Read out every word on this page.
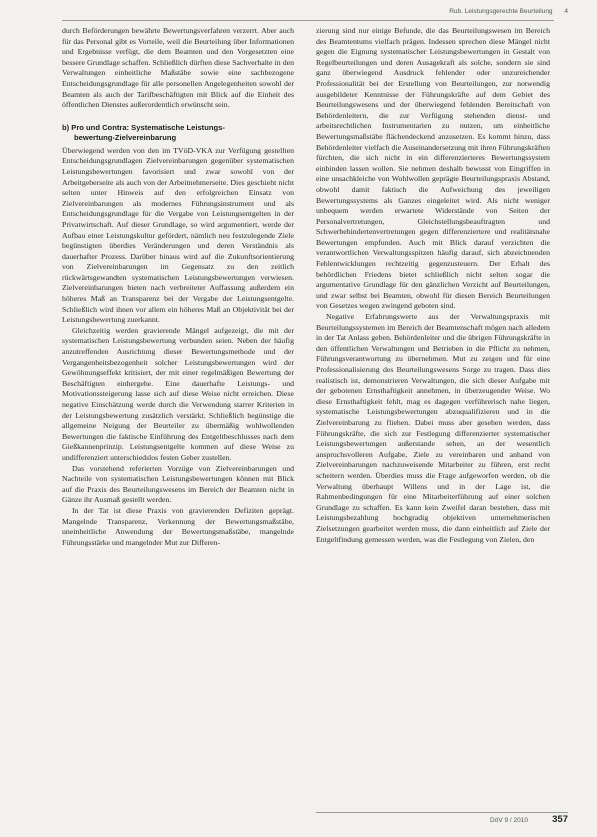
Rub. Leistungsgerechte Beurteilung 4

durch Beförderungen bewährte Bewertungsverfahren verzerrt. Aber auch für das Personal gibt es Vorteile, weil die Beurteilung über Informationen und Ergebnisse verfügt, die dem Beamten und den Vorgesetzten eine bessere Grundlage schaffen. Schließlich dürften diese Sachverhalte in den Verwaltungen einheitliche Maßstäbe sowie eine sachbezogene Entscheidungsgrundlage für alle personellen Angelegenheiten sowohl der Beamten als auch der Tarifbeschäftigten mit Blick auf die Einheit des öffentlichen Dienstes außerordentlich erwünscht sein.

b) Pro und Contra: Systematische Leistungs-
bewertung-Zielvereinbarung

Überwiegend werden von den im TVöD-VKA zur Verfügung gestellten Entscheidungsgrundlagen Zielvereinbarungen gegenüber systematischen Leistungsbewertungen favorisiert und zwar sowohl von der Arbeitgeberseite als auch von der Arbeitnehmerseite. Dies geschieht nicht selten unter Hinweis auf den erfolgreichen Einsatz von Zielvereinbarungen als modernes Führungsinstrument und als Entscheidungsgrundlage für die Vergabe von Leistungsentgelten in der Privatwirtschaft. Auf dieser Grundlage, so wird argumentiert, werde der Aufbau einer Leistungskultur gefördert, nämlich neu festzulegende Ziele begünstigten überdies Veränderungen und deren Verständnis als dauerhafter Prozess. Darüber hinaus wird auf die Zukunftsorientierung von Zielvereinbarungen im Gegensatz zu den zeitlich rückwärtsgewandten systematischen Leistungsbewertungen verwiesen. Zielvereinbarungen bieten nach verbreiteter Auffassung außerdem ein höheres Maß an Transparenz bei der Vergabe der Leistungsentgelte. Schließlich wird ihnen vor allem ein höheres Maß an Objektivität bei der Leistungsbewertung zuerkannt.

Gleichzeitig werden gravierende Mängel aufgezeigt, die mit der systematischen Leistungsbewertung verbunden seien. Neben der häufig anzutreffenden Ausrichtung dieser Bewertungsmethode und der Vergangenheitsbezogenheit solcher Leistungsbewertungen wird der Gewöhnungseffekt kritisiert, der mit einer regelmäßigen Bewertung der Beschäftigten einhergehe. Eine dauerhafte Leistungs- und Motivationssteigerung lasse sich auf diese Weise nicht erreichen. Diese negative Einschätzung werde durch die Verwendung starrer Kriterien in der Leistungsbewertung zusätzlich verstärkt. Schließlich begünstige die allgemeine Neigung der Beurteiler zu übermäßig wohlwollenden Bewertungen die faktische Einführung des Entgeltbeschlusses nach dem Gießkannenprinzip. Leistungsentgelte kommen auf diese Weise zu undifferenziert unterschiedslos festen Geber zustellen.

Das vorstehend referierten Vorzüge von Zielvereinbarungen und Nachteile von systematischen Leistungsbewertungen können mit Blick auf die Praxis des Beurteilungswesens im Bereich der Beamten nicht in Gänze ihr Ausmaß gestellt werden.

In der Tat ist diese Praxis von gravierenden Defiziten geprägt. Mangelnde Transparenz, Verkennung der Bewertungsmaßstäbe, uneinheitliche Anwendung der Bewertungsmaßstäbe, mangelnde Führungsstärke und mangelnder Mut zur Differen-

zierung sind nur einige Befunde, die das Beurteilungswesen im Bereich des Beamtentums vielfach prägen. Indessen sprechen diese Mängel nicht gegen die Eignung systematischer Leistungsbewertungen in Gestalt von Regelbeurteilungen und deren Ausagekraft als solche, sondern sie sind ganz überwiegend Ausdruck fehlender oder unzureichender Professionalität bei der Erstellung von Beurteilungen, zur notwendig ausgebildeter Kenntnisse der Führungskräfte auf dem Gebiet des Beurteilungswesens und der überwiegend fehlenden Bereitschaft von Behördenleitern, die zur Verfügung stehenden dienst- und arbeitsrechtlichen Instrumentarien zu nutzen, um einheitliche Bewertungsmaßstäbe flächendeckend anzusetzen. Es kommt hinzu, dass Behördenleiter vielfach die Auseinandersetzung mit ihren Führungskräften fürchten, die sich nicht in ein differenzierteres Bewertungssystem einbinden lassen wollen. Sie nehmen deshalb bewusst von Eingriffen in eine unsachkleiche von Wohlwollen geprägte Beurteilungspraxis Abstand, obwohl damit faktisch die Aufweichung des jeweiligen Bewertungssystems als Ganzes eingeleitet wird. Als nicht weniger unbequem werden erwartete Widerstände von Seiten der Personalvertretungen, Gleichstellungsbeauftragten und Schwerbehindertenvertretungen gegen differenziertere und realitätsnahe Bewertungen empfunden. Auch mit Blick darauf verzichten die verantwortlichen Verwaltungsspitzen häufig darauf, sich abzeichnenden Fehlentwicklungen rechtzeitig gegenzusteuern. Der Erhalt des behördlichen Friedens bietet schließlich nicht selten sogar die argumentative Grundlage für den gänzlichen Verzicht auf Beurteilungen, und zwar selbst bei Beamten, obwohl für diesen Bereich Beurteilungen von Gesetzes wegen zwingend geboten sind.

Negative Erfahrungswerte aus der Verwaltungspraxis mit Beurteilungssystemen im Bereich der Beamtenschaft mögen nach alledem in der Tat Anlass geben. Behördenleiter und die übrigen Führungskräfte in den öffentlichen Verwaltungen und Betrieben in die Pflicht zu nehmen, Führungsverantwortung zu übernehmen. Mut zu zeigen und für eine Professionalisierung des Beurteilungswesens Sorge zu tragen. Dass dies realistisch ist, demonstrieren Verwaltungen, die sich dieser Aufgabe mit der gebotenen Ernsthaftigkeit annehmen, in überzeugender Weise. Wo diese Ernsthaftigkeit fehlt, mag es dagegen verführerisch nahe liegen, systematische Leistungsbewertungen abzuqualifizieren und in die Zielvereinbarung zu fliehen. Dabei muss aber gesehen werden, dass Führungskräfte, die sich zur Festlegung differenzierter systematischer Leistungsbewertungen außerstande sehen, an der wesentlich anspruchsvolleren Aufgabe, Ziele zu vereinbaren und anhand von Zielvereinbarungen nachzuweisende Mitarbeiter zu führen, erst recht scheitern werden. Überdies muss die Frage aufgeworfen werden, ob die Verwaltung überhaupt Willens und in der Lage ist, die Rahmenbedingungen für eine Mitarbeiterführung auf einer solchen Grundlage zu schaffen. Es kann kein Zweifel daran bestehen, dass mit Leistungsbezahlung hochgradig objektiven unternehmerischen Zielsetzungen gearbeitet werden muss, die dann einheitlich auf Ziele der Entgeltfindung gemessen werden, was die Festlegung von Zielen, den

DöV 9 / 2010	357
